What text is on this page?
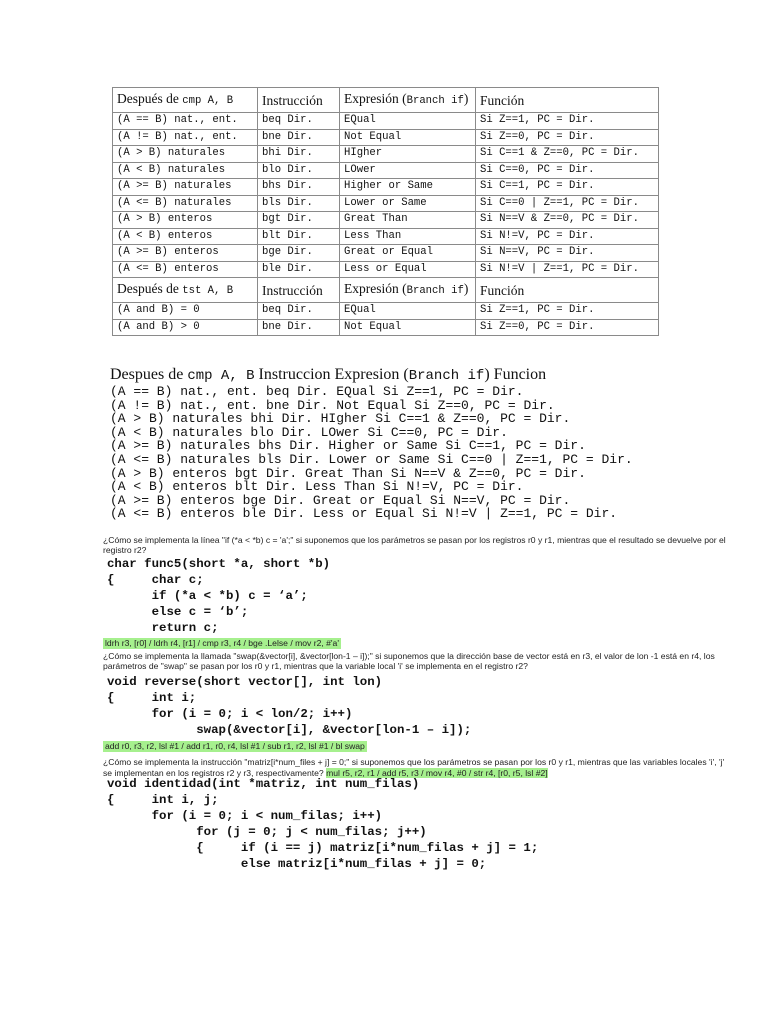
Después de cmp A, B	Instrucción	Expresión (Branch if)	Función
(A == B) nat., ent.	beq Dir.	EQual	Si Z==1, PC = Dir.
(A != B) nat., ent.	bne Dir.	Not Equal	Si Z==0, PC = Dir.
(A > B) naturales	bhi Dir.	HIgher	Si C==1 & Z==0, PC = Dir.
(A < B) naturales	blo Dir.	LOwer	Si C==0, PC = Dir.
(A >= B) naturales	bhs Dir.	Higher or Same	Si C==1, PC = Dir.
(A <= B) naturales	bls Dir.	Lower or Same	Si C==0 | Z==1, PC = Dir.
(A > B) enteros	bgt Dir.	Great Than	Si N==V & Z==0, PC = Dir.
(A < B) enteros	blt Dir.	Less Than	Si N!=V, PC = Dir.
(A >= B) enteros	bge Dir.	Great or Equal	Si N==V, PC = Dir.
(A <= B) enteros	ble Dir.	Less or Equal	Si N!=V | Z==1, PC = Dir.
Después de tst A, B	Instrucción	Expresión (Branch if)	Función
(A and B) = 0	beq Dir.	EQual	Si Z==1, PC = Dir.
(A and B) > 0	bne Dir.	Not Equal	Si Z==0, PC = Dir.
Despues de cmp A, B Instruccion Expresion (Branch if) Funcion
(A == B) nat., ent. beq Dir. EQual Si Z==1, PC = Dir.
(A != B) nat., ent. bne Dir. Not Equal Si Z==0, PC = Dir.
(A > B) naturales bhi Dir. HIgher Si C==1 & Z==0, PC = Dir.
(A < B) naturales blo Dir. LOwer Si C==0, PC = Dir.
(A >= B) naturales bhs Dir. Higher or Same Si C==1, PC = Dir.
(A <= B) naturales bls Dir. Lower or Same Si C==0 | Z==1, PC = Dir.
(A > B) enteros bgt Dir. Great Than Si N==V & Z==0, PC = Dir.
(A < B) enteros blt Dir. Less Than Si N!=V, PC = Dir.
(A >= B) enteros bge Dir. Great or Equal Si N==V, PC = Dir.
(A <= B) enteros ble Dir. Less or Equal Si N!=V | Z==1, PC = Dir.
¿Cómo se implementa la línea "if (*a < *b) c = 'a';" si suponemos que los parámetros se pasan por los registros r0 y r1, mientras que el resultado se devuelve por el
registro r2?
char func5(short *a, short *b)
{     char c;
if (*a < *b) c = ‘a’;
else c = ‘b’;
return c;
ldrh r3, [r0] / ldrh r4, [r1] / cmp r3, r4 / bge .Lelse / mov r2, #'a'
¿Cómo se implementa la llamada "swap(&vector[i], &vector[lon-1 – i]);" si suponemos que la dirección base de vector está en r3, el valor de lon -1 está en r4, los
parámetros de "swap" se pasan por los r0 y r1, mientras que la variable local 'i' se implementa en el registro r2?
void reverse(short vector[], int lon)
{     int i;
for (i = 0; i < lon/2; i++)
swap(&vector[i], &vector[lon-1 – i]);
add r0, r3, r2, lsl #1 / add r1, r0, r4, lsl #1 / sub r1, r2, lsl #1 / bl swap
¿Cómo se implementa la instrucción "matriz[i*num_files + j] = 0;" si suponemos que los parámetros se pasan por los r0 y r1, mientras que las variables locales 'i', 'j'
se implementan en los registros r2 y r3, respectivamente? mul r5, r2, r1 / add r5, r3 / mov r4, #0 / str r4, [r0, r5, lsl #2]
void identidad(int *matriz, int num_filas)
{     int i, j;
for (i = 0; i < num_filas; i++)
for (j = 0; j < num_filas; j++)
{     if (i == j) matriz[i*num_filas + j] = 1;
else matriz[i*num_filas + j] = 0;
